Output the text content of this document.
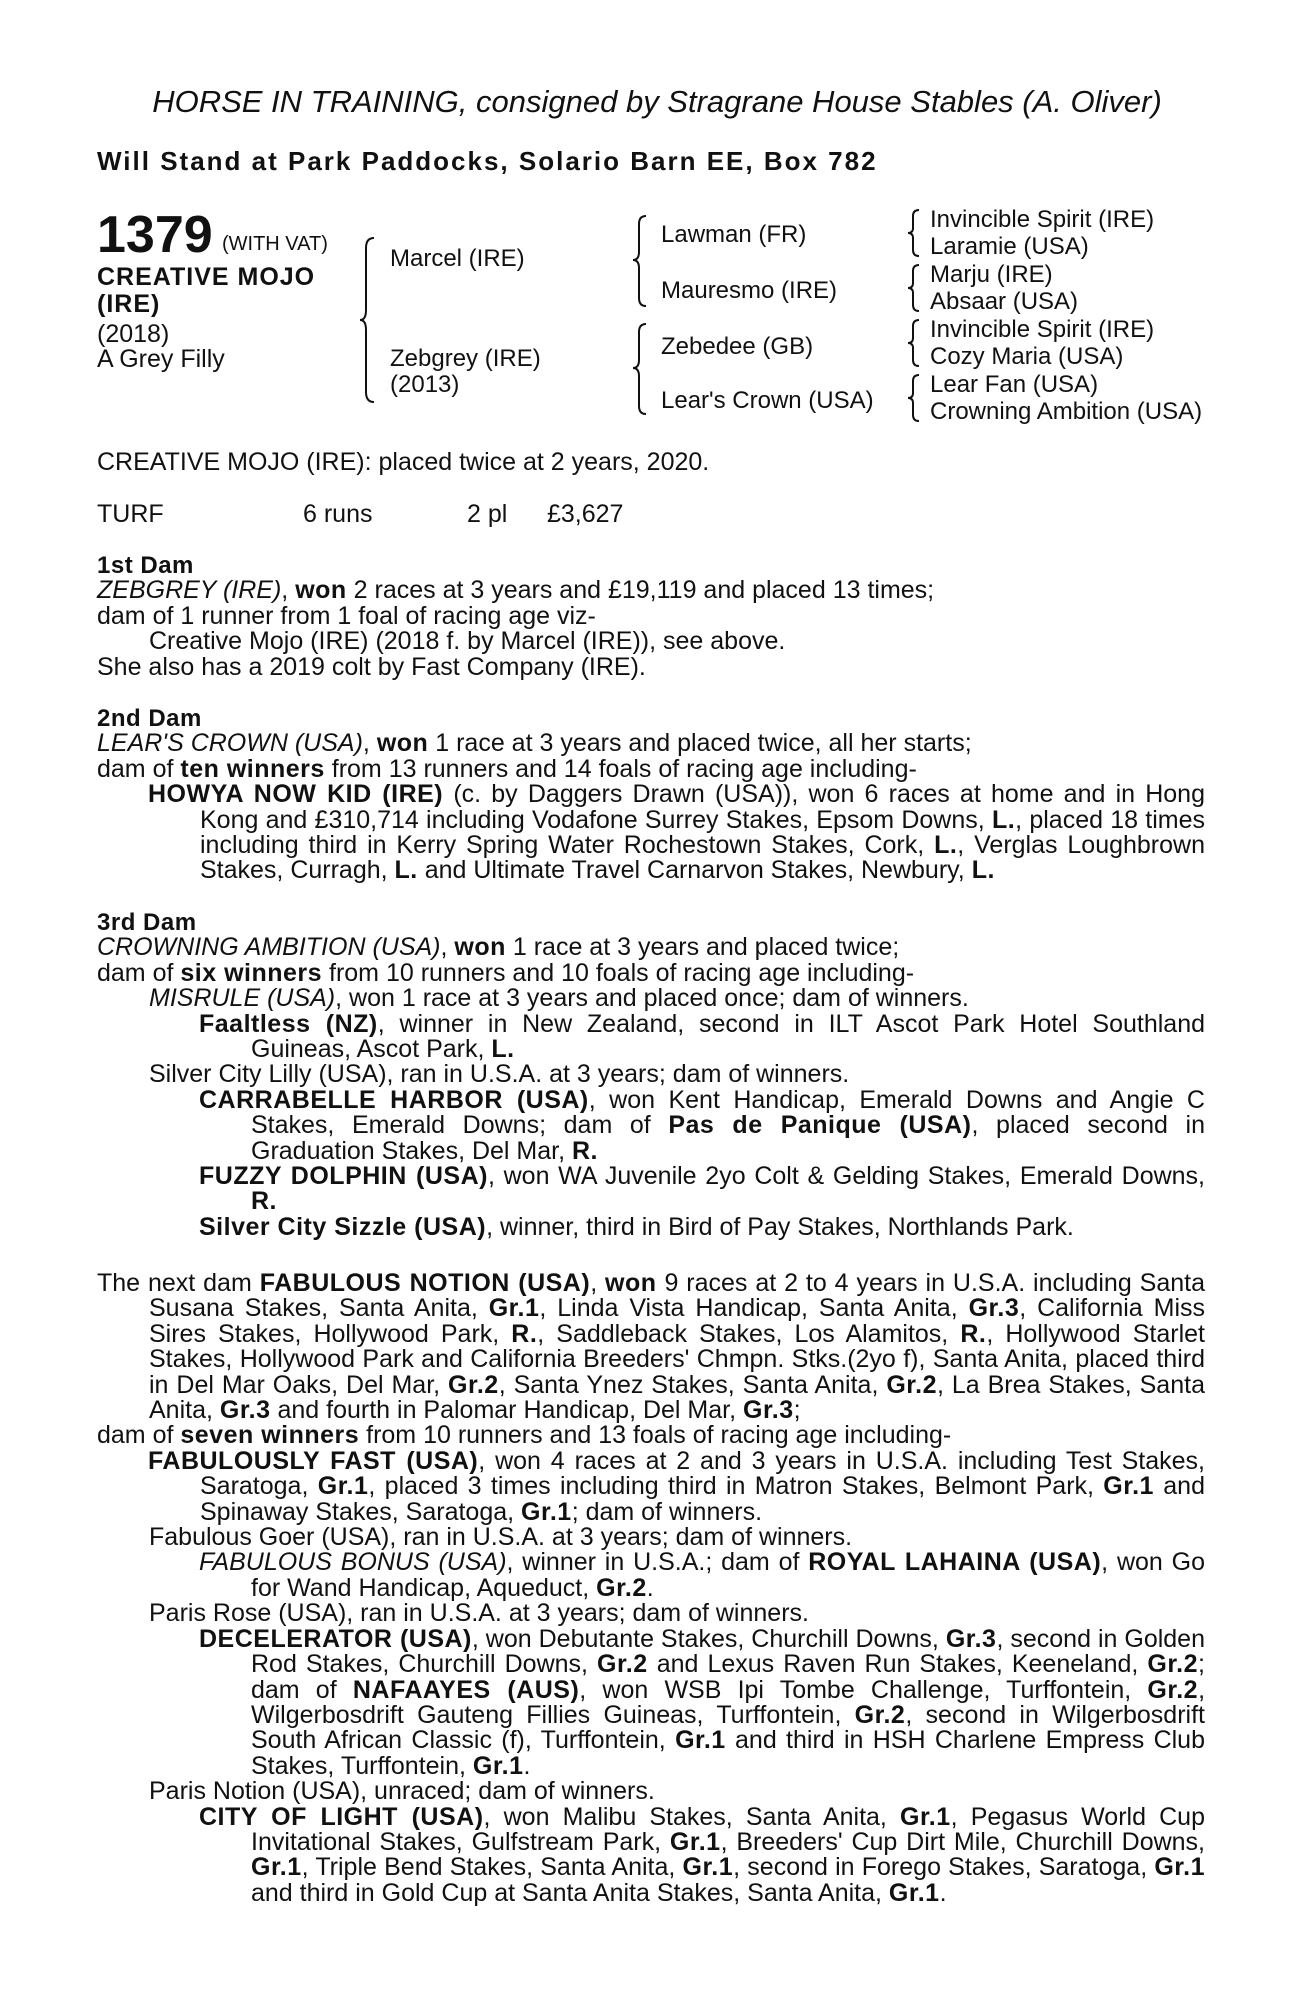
HORSE IN TRAINING, consigned by Stragrane House Stables (A. Oliver)
Will Stand at Park Paddocks, Solario Barn EE, Box 782
1379 (WITH VAT)
CREATIVE MOJO (IRE)
(2018)
A Grey Filly
Marcel (IRE)
Zebgrey (IRE)
(2013)
Lawman (FR)
Mauresmo (IRE)
Zebedee (GB)
Lear's Crown (USA)
Invincible Spirit (IRE)
Laramie (USA)
Marju (IRE)
Absaar (USA)
Invincible Spirit (IRE)
Cozy Maria (USA)
Lear Fan (USA)
Crowning Ambition (USA)
CREATIVE MOJO (IRE): placed twice at 2 years, 2020.
TURF	6 runs	2 pl £3,627
1st Dam
ZEBGREY (IRE), won 2 races at 3 years and £19,119 and placed 13 times;
dam of 1 runner from 1 foal of racing age viz-
Creative Mojo (IRE) (2018 f. by Marcel (IRE)), see above.
She also has a 2019 colt by Fast Company (IRE).
2nd Dam
LEAR'S CROWN (USA), won 1 race at 3 years and placed twice, all her starts;
dam of ten winners from 13 runners and 14 foals of racing age including-
HOWYA NOW KID (IRE) (c. by Daggers Drawn (USA)), won 6 races at home and in Hong Kong and £310,714 including Vodafone Surrey Stakes, Epsom Downs, L., placed 18 times including third in Kerry Spring Water Rochestown Stakes, Cork, L., Verglas Loughbrown Stakes, Curragh, L. and Ultimate Travel Carnarvon Stakes, Newbury, L.
3rd Dam
CROWNING AMBITION (USA), won 1 race at 3 years and placed twice;
dam of six winners from 10 runners and 10 foals of racing age including-
MISRULE (USA), won 1 race at 3 years and placed once; dam of winners.
Faaltless (NZ), winner in New Zealand, second in ILT Ascot Park Hotel Southland Guineas, Ascot Park, L.
Silver City Lilly (USA), ran in U.S.A. at 3 years; dam of winners.
CARRABELLE HARBOR (USA), won Kent Handicap, Emerald Downs and Angie C Stakes, Emerald Downs; dam of Pas de Panique (USA), placed second in Graduation Stakes, Del Mar, R.
FUZZY DOLPHIN (USA), won WA Juvenile 2yo Colt & Gelding Stakes, Emerald Downs, R.
Silver City Sizzle (USA), winner, third in Bird of Pay Stakes, Northlands Park.
The next dam FABULOUS NOTION (USA), won 9 races at 2 to 4 years in U.S.A. including Santa Susana Stakes, Santa Anita, Gr.1, Linda Vista Handicap, Santa Anita, Gr.3, California Miss Sires Stakes, Hollywood Park, R., Saddleback Stakes, Los Alamitos, R., Hollywood Starlet Stakes, Hollywood Park and California Breeders' Chmpn. Stks.(2yo f), Santa Anita, placed third in Del Mar Oaks, Del Mar, Gr.2, Santa Ynez Stakes, Santa Anita, Gr.2, La Brea Stakes, Santa Anita, Gr.3 and fourth in Palomar Handicap, Del Mar, Gr.3;
dam of seven winners from 10 runners and 13 foals of racing age including-
FABULOUSLY FAST (USA), won 4 races at 2 and 3 years in U.S.A. including Test Stakes, Saratoga, Gr.1, placed 3 times including third in Matron Stakes, Belmont Park, Gr.1 and Spinaway Stakes, Saratoga, Gr.1; dam of winners.
Fabulous Goer (USA), ran in U.S.A. at 3 years; dam of winners.
FABULOUS BONUS (USA), winner in U.S.A.; dam of ROYAL LAHAINA (USA), won Go for Wand Handicap, Aqueduct, Gr.2.
Paris Rose (USA), ran in U.S.A. at 3 years; dam of winners.
DECELERATOR (USA), won Debutante Stakes, Churchill Downs, Gr.3, second in Golden Rod Stakes, Churchill Downs, Gr.2 and Lexus Raven Run Stakes, Keeneland, Gr.2; dam of NAFAAYES (AUS), won WSB Ipi Tombe Challenge, Turffontein, Gr.2, Wilgerbosdrift Gauteng Fillies Guineas, Turffontein, Gr.2, second in Wilgerbosdrift South African Classic (f), Turffontein, Gr.1 and third in HSH Charlene Empress Club Stakes, Turffontein, Gr.1.
Paris Notion (USA), unraced; dam of winners.
CITY OF LIGHT (USA), won Malibu Stakes, Santa Anita, Gr.1, Pegasus World Cup Invitational Stakes, Gulfstream Park, Gr.1, Breeders' Cup Dirt Mile, Churchill Downs, Gr.1, Triple Bend Stakes, Santa Anita, Gr.1, second in Forego Stakes, Saratoga, Gr.1 and third in Gold Cup at Santa Anita Stakes, Santa Anita, Gr.1.
